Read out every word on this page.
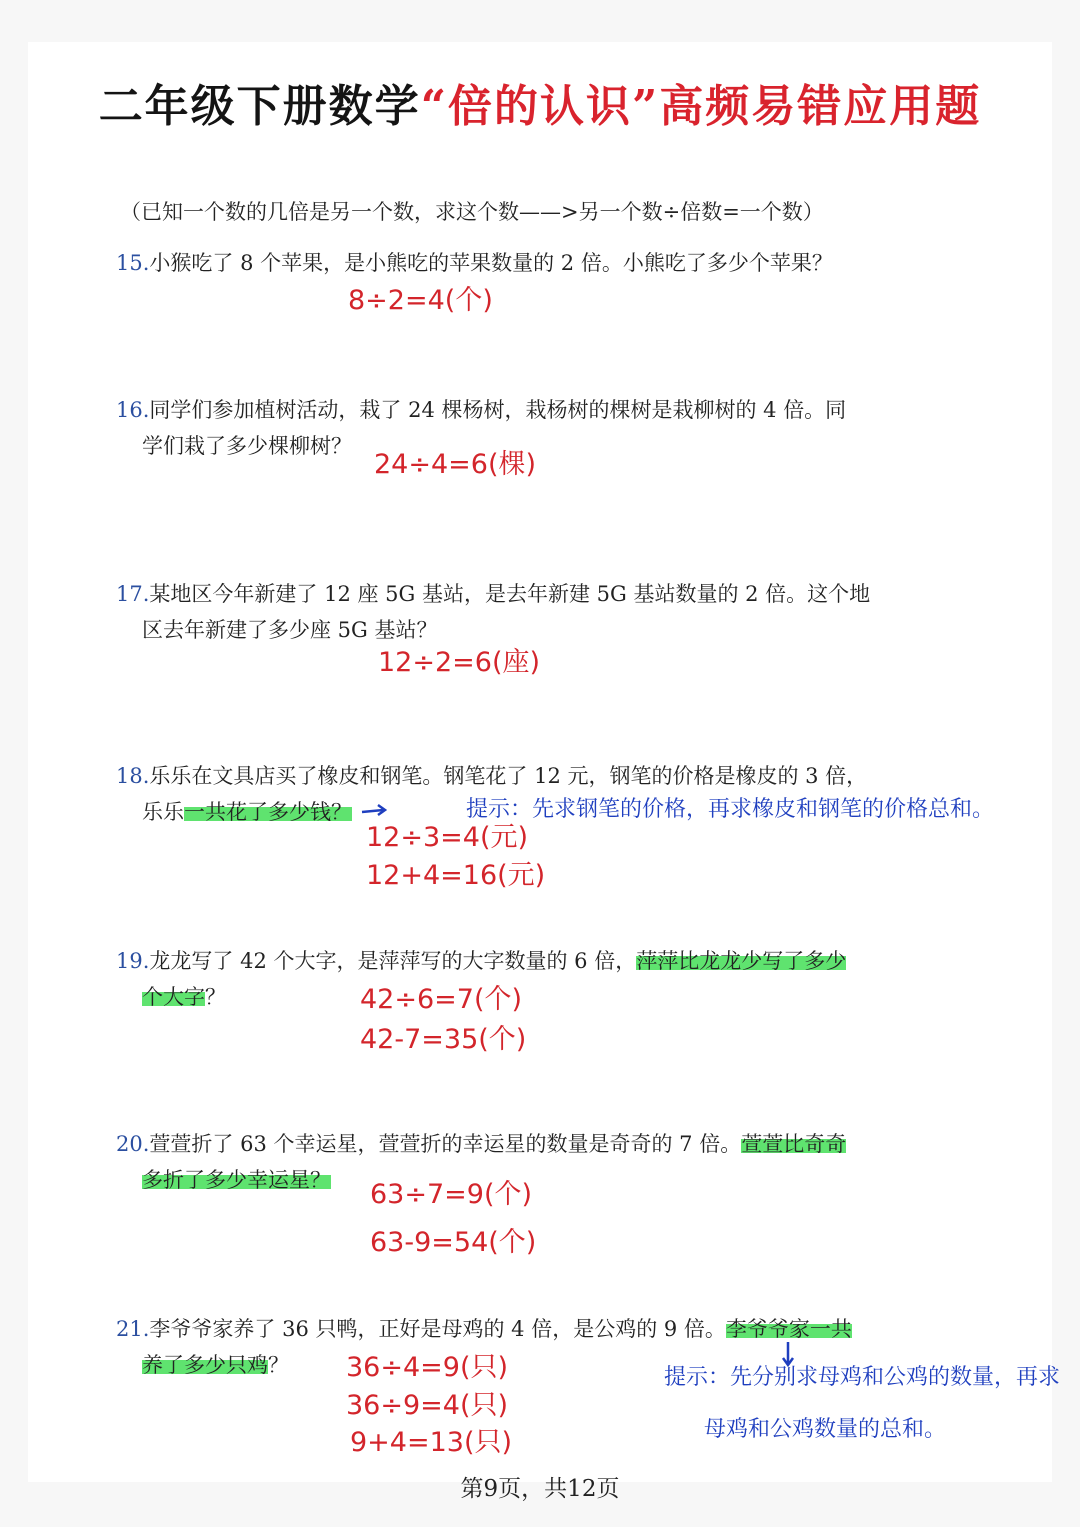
二年级下册数学“倍的认识”高频易错应用题
（已知一个数的几倍是另一个数，求这个数——>另一个数÷倍数=一个数）
15.小猴吃了 8 个苹果，是小熊吃的苹果数量的 2 倍。小熊吃了多少个苹果？
8÷2=4(个)
16.同学们参加植树活动，栽了 24 棵杨树，栽杨树的棵树是栽柳树的 4 倍。同
学们栽了多少棵柳树？
24÷4=6(棵)
17.某地区今年新建了 12 座 5G 基站，是去年新建 5G 基站数量的 2 倍。这个地
区去年新建了多少座 5G 基站？
12÷2=6(座)
18.乐乐在文具店买了橡皮和钢笔。钢笔花了 12 元，钢笔的价格是橡皮的 3 倍，
乐乐一共花了多少钱？	提示：先求钢笔的价格，再求橡皮和钢笔的价格总和。
12÷3=4(元)
12+4=16(元)
19.龙龙写了 42 个大字，是萍萍写的大字数量的 6 倍，萍萍比龙龙少写了多少
个大字？	42÷6=7(个)
42-7=35(个)
20.萱萱折了 63 个幸运星，萱萱折的幸运星的数量是奇奇的 7 倍。萱萱比奇奇
多折了多少幸运星？	63÷7=9(个)
63-9=54(个)
21.李爷爷家养了 36 只鸭，正好是母鸡的 4 倍，是公鸡的 9 倍。李爷爷家一共
养了多少只鸡？	36÷4=9(只)
36÷9=4(只)
9+4=13(只)
提示：先分别求母鸡和公鸡的数量，再求
母鸡和公鸡数量的总和。
第9页，共12页
